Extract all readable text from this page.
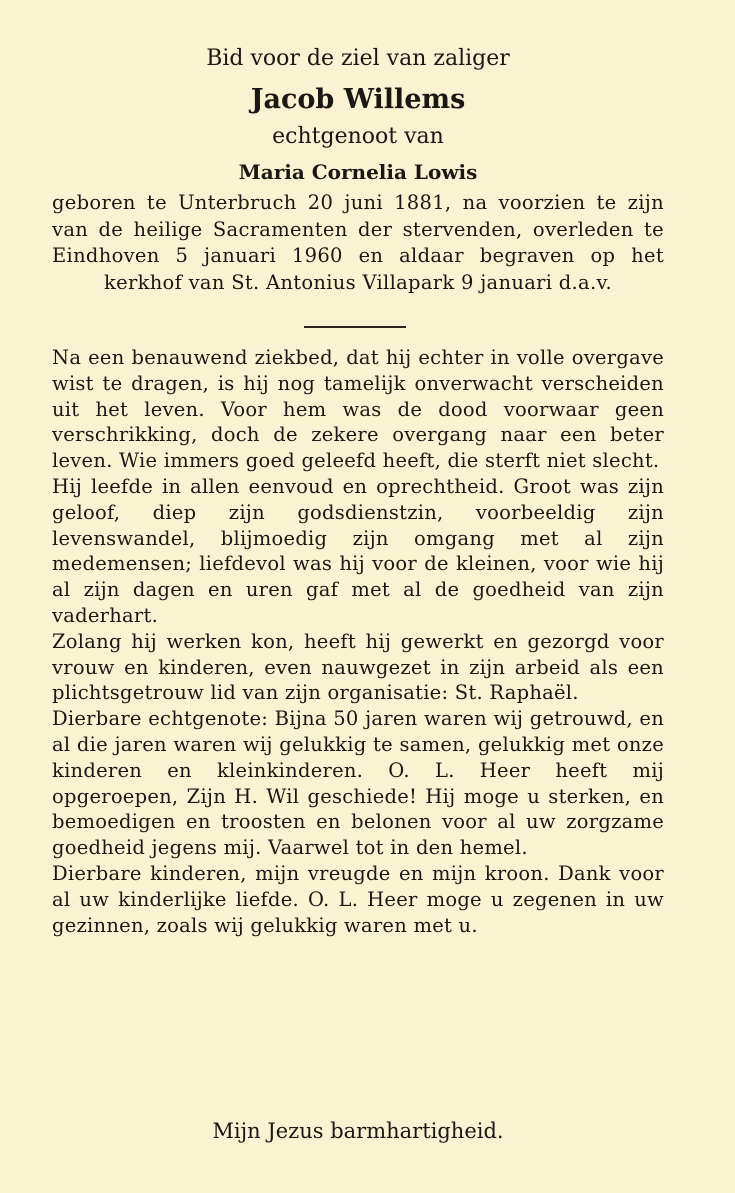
Bid voor de ziel van zaliger
Jacob Willems
echtgenoot van
Maria Cornelia Lowis
geboren te Unterbruch 20 juni 1881, na voorzien te zijn van de heilige Sacramenten der stervenden, overleden te Eindhoven 5 januari 1960 en aldaar begraven op het kerkhof van St. Antonius Villapark 9 januari d.a.v.

Na een benauwend ziekbed, dat hij echter in volle overgave wist te dragen, is hij nog tamelijk onverwacht verscheiden uit het leven. Voor hem was de dood voorwaar geen verschrikking, doch de zekere overgang naar een beter leven. Wie immers goed geleefd heeft, die sterft niet slecht.

Hij leefde in allen eenvoud en oprechtheid. Groot was zijn geloof, diep zijn godsdienstzin, voorbeeldig zijn levenswandel, blijmoedig zijn omgang met al zijn medemensen; liefdevol was hij voor de kleinen, voor wie hij al zijn dagen en uren gaf met al de goedheid van zijn vaderhart.

Zolang hij werken kon, heeft hij gewerkt en gezorgd voor vrouw en kinderen, even nauwgezet in zijn arbeid als een plichtsgetrouw lid van zijn organisatie: St. Raphaël.

Dierbare echtgenote: Bijna 50 jaren waren wij getrouwd, en al die jaren waren wij gelukkig te samen, gelukkig met onze kinderen en kleinkinderen. O. L. Heer heeft mij opgeroepen, Zijn H. Wil geschiede! Hij moge u sterken, en bemoedigen en troosten en belonen voor al uw zorgzame goedheid jegens mij. Vaarwel tot in den hemel.

Dierbare kinderen, mijn vreugde en mijn kroon. Dank voor al uw kinderlijke liefde. O. L. Heer moge u zegenen in uw gezinnen, zoals wij gelukkig waren met u.

Mijn Jezus barmhartigheid.
